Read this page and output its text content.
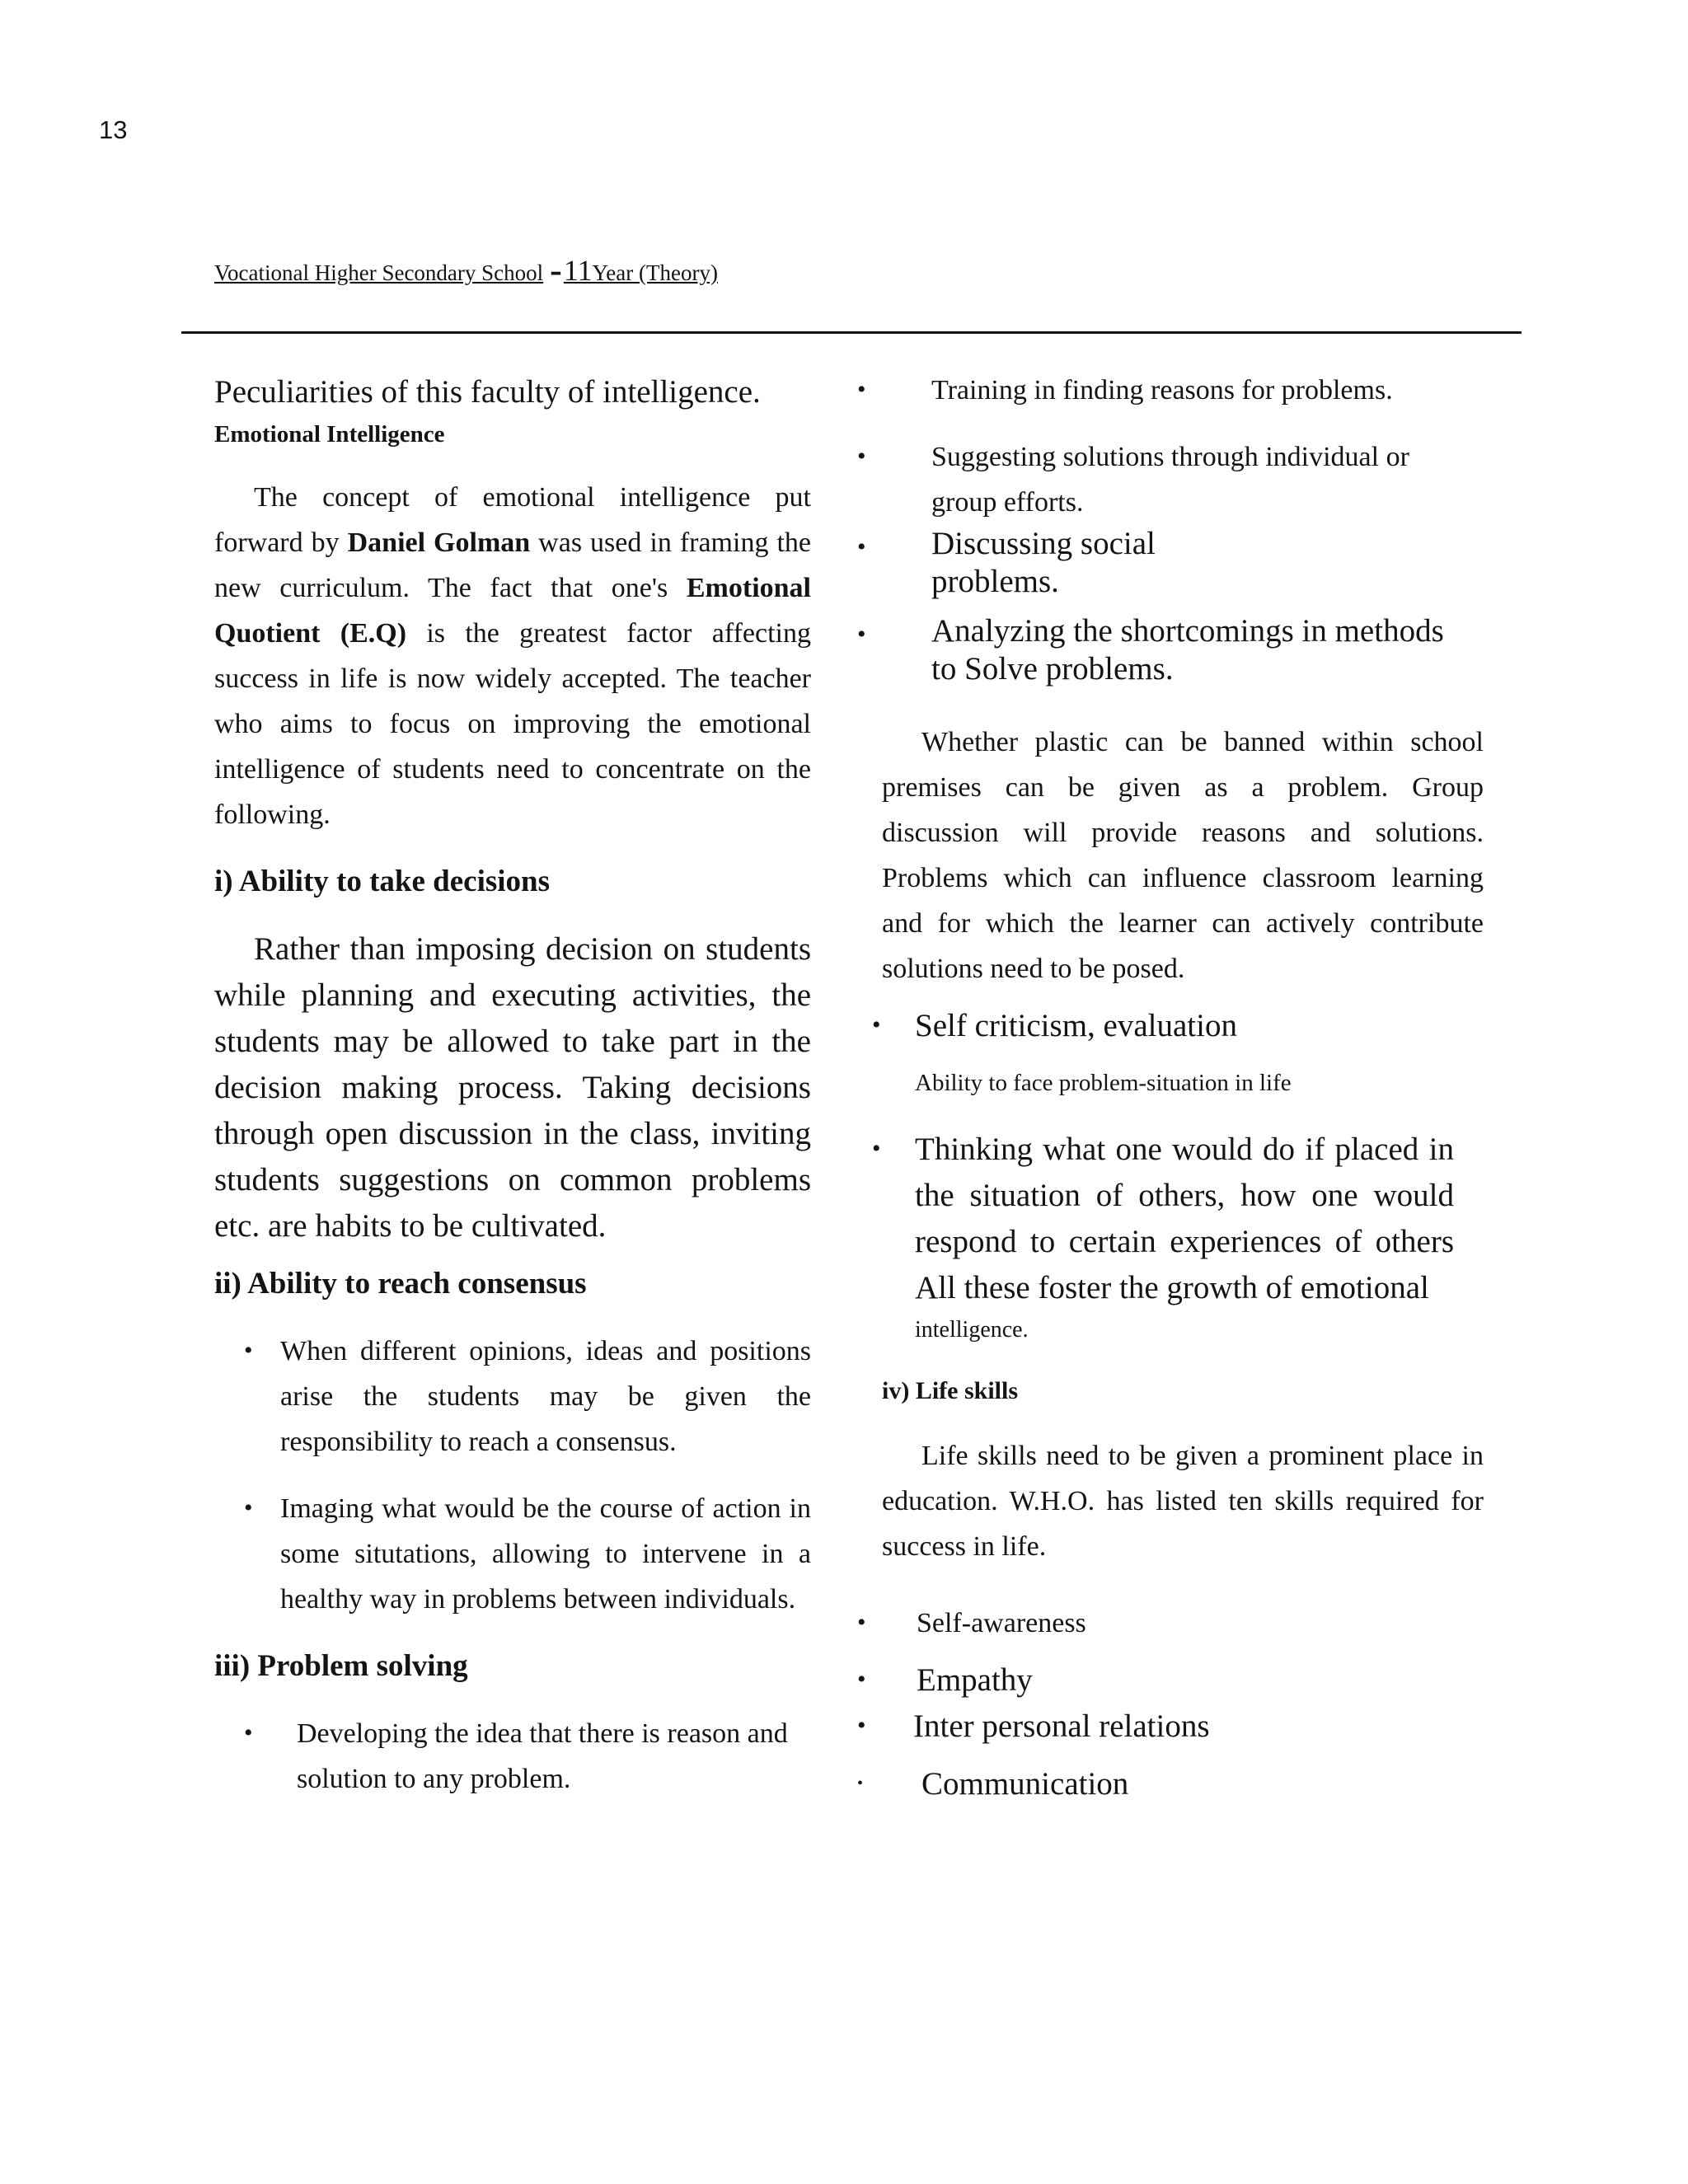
13
Vocational Higher Secondary School -11Year (Theory)

Peculiarities of this faculty of intelligence.

Emotional Intelligence

The concept of emotional intelligence put forward by Daniel Golman was used in framing the new curriculum. The fact that one's Emotional Quotient (E.Q) is the greatest factor affecting success in life is now widely accepted. The teacher who aims to focus on improving the emotional intelligence of students need to concentrate on the following.

i) Ability to take decisions

Rather than imposing decision on students while planning and executing activities, the students may be allowed to take part in the decision making process. Taking decisions through open discussion in the class, inviting students suggestions on common problems etc. are habits to be cultivated.

ii) Ability to reach consensus

• When different opinions, ideas and positions arise the students may be given the responsibility to reach a consensus.
• Imaging what would be the course of action in some situtations, allowing to intervene in a healthy way in problems between individuals.

iii) Problem solving

•	Developing the idea that there is reason and solution to any problem.
•	Training in finding reasons for problems.
•	Suggesting solutions through individual or group efforts.
•	Discussing social problems.
•	Analyzing the shortcomings in methods to Solve problems.

Whether plastic can be banned within school premises can be given as a problem. Group discussion will provide reasons and solutions. Problems which can influence classroom learning and for which the learner can actively contribute solutions need to be posed.

•	Self criticism, evaluation

Ability to face problem-situation in life

•	Thinking what one would do if placed in the situation of others, how one would respond to certain experiences of others All these foster the growth of emotional

intelligence.

iv) Life skills

Life skills need to be given a prominent place in education. W.H.O. has listed ten skills required for success in life.

•	Self-awareness
•	Empathy
•	Inter personal relations
•	Communication
